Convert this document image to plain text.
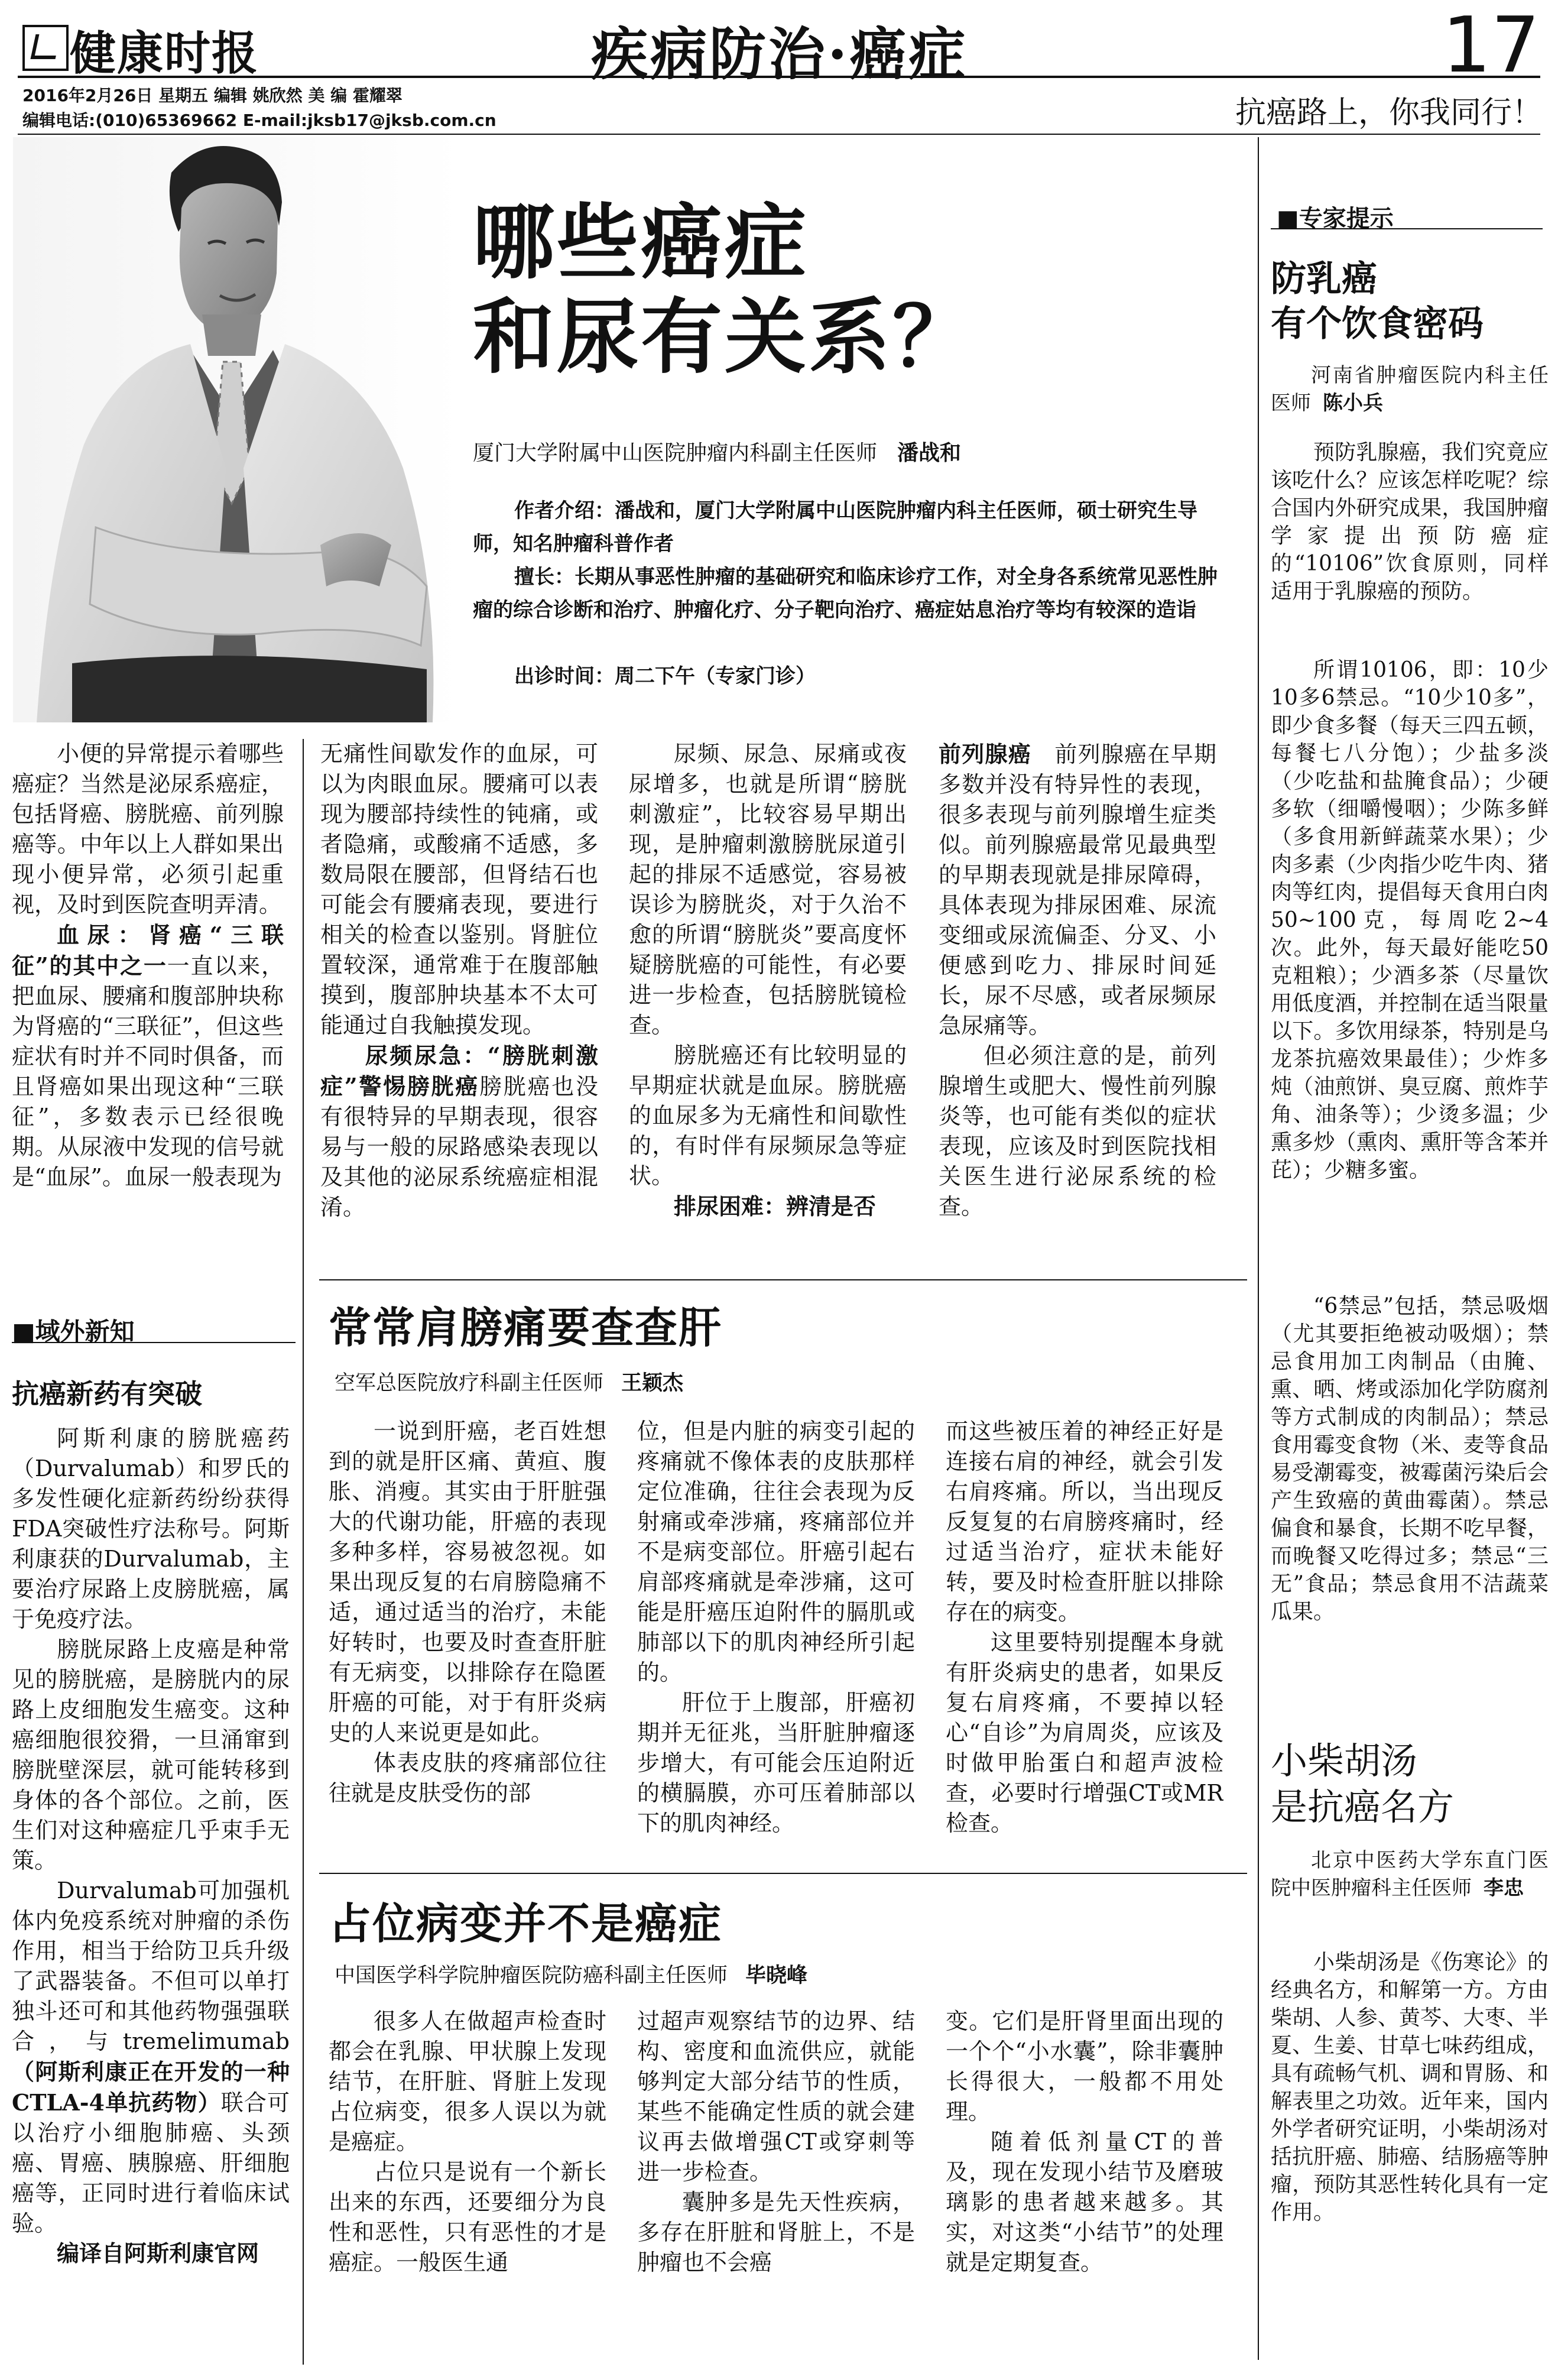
健康时报	疾病防治·癌症	17
2016年2月26日 星期五 编辑 姚欣然 美 编 霍耀翠
编辑电话:(010)65369662 E-mail:jksb17@jksb.com.cn	抗癌路上，你我同行！
哪些癌症
和尿有关系？
厦门大学附属中山医院肿瘤内科副主任医师 潘战和
作者介绍：潘战和，厦门大学附属中山医院肿瘤内科主任医师，硕士研究生导师，知名肿瘤科普作者
擅长：长期从事恶性肿瘤的基础研究和临床诊疗工作，对全身各系统常见恶性肿瘤的综合诊断和治疗、肿瘤化疗、分子靶向治疗、癌症姑息治疗等均有较深的造诣
出诊时间：周二下午（专家门诊）
■专家提示
防乳癌
有个饮食密码
河南省肿瘤医院内科主任医师 陈小兵
预防乳腺癌，我们究竟应该吃什么？应该怎样吃呢？综合国内外研究成果，我国肿瘤学家提出预防癌症的“10106”饮食原则，同样适用于乳腺癌的预防。
所谓10106，即：10少10多6禁忌。“10少10多”，即少食多餐（每天三四五顿，每餐七八分饱）；少盐多淡（少吃盐和盐腌食品）；少硬多软（细嚼慢咽）；少陈多鲜（多食用新鲜蔬菜水果）；少肉多素（少肉指少吃牛肉、猪肉等红肉，提倡每天食用白肉50~100克，每周吃2~4次。此外，每天最好能吃50克粗粮）；少酒多茶（尽量饮用低度酒，并控制在适当限量以下。多饮用绿茶，特别是乌龙茶抗癌效果最佳）；少炸多炖（油煎饼、臭豆腐、煎炸芋角、油条等）；少烫多温；少熏多炒（熏肉、熏肝等含苯并芘）；少糖多蜜。
“6禁忌”包括，禁忌吸烟（尤其要拒绝被动吸烟）；禁忌食用加工肉制品（由腌、熏、晒、烤或添加化学防腐剂等方式制成的肉制品）；禁忌食用霉变食物（米、麦等食品易受潮霉变，被霉菌污染后会产生致癌的黄曲霉菌）。禁忌偏食和暴食，长期不吃早餐，而晚餐又吃得过多；禁忌“三无”食品；禁忌食用不洁蔬菜瓜果。
小柴胡汤
是抗癌名方
北京中医药大学东直门医院中医肿瘤科主任医师 李忠
小柴胡汤是《伤寒论》的经典名方，和解第一方。方由柴胡、人参、黄芩、大枣、半夏、生姜、甘草七味药组成，具有疏畅气机、调和胃肠、和解表里之功效。近年来，国内外学者研究证明，小柴胡汤对括抗肝癌、肺癌、结肠癌等肿瘤，预防其恶性转化具有一定作用。

小便的异常提示着哪些癌症？当然是泌尿系癌症，包括肾癌、膀胱癌、前列腺癌等。中年以上人群如果出现小便异常，必须引起重视，及时到医院查明弄清。

血尿：肾癌“三联征”的其中之一一直以来，把血尿、腰痛和腹部肿块称为肾癌的“三联征”，但这些症状有时并不同时俱备，而且肾癌如果出现这种“三联征”，多数表示已经很晚期。从尿液中发现的信号就是“血尿”。血尿一般表现为

无痛性间歇发作的血尿，可以为肉眼血尿。腰痛可以表现为腰部持续性的钝痛，或者隐痛，或酸痛不适感，多数局限在腰部，但肾结石也可能会有腰痛表现，要进行相关的检查以鉴别。肾脏位置较深，通常难于在腹部触摸到，腹部肿块基本不太可能通过自我触摸发现。

尿频尿急：“膀胱刺激症”警惕膀胱癌膀胱癌也没有很特异的早期表现，很容易与一般的尿路感染表现以及其他的泌尿系统癌症相混淆。

尿频、尿急、尿痛或夜尿增多，也就是所谓“膀胱刺激症”，比较容易早期出现，是肿瘤刺激膀胱尿道引起的排尿不适感觉，容易被误诊为膀胱炎，对于久治不愈的所谓“膀胱炎”要高度怀疑膀胱癌的可能性，有必要进一步检查，包括膀胱镜检查。

膀胱癌还有比较明显的早期症状就是血尿。膀胱癌的血尿多为无痛性和间歇性的，有时伴有尿频尿急等症状。

排尿困难：辨清是否

前列腺癌　 前列腺癌在早期多数并没有特异性的表现，很多表现与前列腺增生症类似。前列腺癌最常见最典型的早期表现就是排尿障碍，具体表现为排尿困难、尿流变细或尿流偏歪、分叉、小便感到吃力、排尿时间延长，尿不尽感，或者尿频尿急尿痛等。

但必须注意的是，前列腺增生或肥大、慢性前列腺炎等，也可能有类似的症状表现，应该及时到医院找相关医生进行泌尿系统的检查。

■域外新知
抗癌新药有突破

阿斯利康的膀胱癌药（Durvalumab）和罗氏的多发性硬化症新药纷纷获得FDA突破性疗法称号。阿斯利康获的Durvalumab，主要治疗尿路上皮膀胱癌，属于免疫疗法。

膀胱尿路上皮癌是种常见的膀胱癌，是膀胱内的尿路上皮细胞发生癌变。这种癌细胞很狡猾，一旦涌窜到膀胱壁深层，就可能转移到身体的各个部位。之前，医生们对这种癌症几乎束手无策。

Durvalumab可加强机体内免疫系统对肿瘤的杀伤作用，相当于给防卫兵升级了武器装备。不但可以单打独斗还可和其他药物强强联合，与tremelimumab（阿斯利康正在开发的一种CTLA-4单抗药物）联合可以治疗小细胞肺癌、头颈癌、胃癌、胰腺癌、肝细胞癌等，正同时进行着临床试验。

编译自阿斯利康官网

常常肩膀痛要查查肝
空军总医院放疗科副主任医师 王颖杰

一说到肝癌，老百姓想到的就是肝区痛、黄疸、腹胀、消瘦。其实由于肝脏强大的代谢功能，肝癌的表现多种多样，容易被忽视。如果出现反复的右肩膀隐痛不适，通过适当的治疗，未能好转时，也要及时查查肝脏有无病变，以排除存在隐匿肝癌的可能，对于有肝炎病史的人来说更是如此。

体表皮肤的疼痛部位往往就是皮肤受伤的部

位，但是内脏的病变引起的疼痛就不像体表的皮肤那样定位准确，往往会表现为反射痛或牵涉痛，疼痛部位并不是病变部位。肝癌引起右肩部疼痛就是牵涉痛，这可能是肝癌压迫附件的膈肌或肺部以下的肌肉神经所引起的。

肝位于上腹部，肝癌初期并无征兆，当肝脏肿瘤逐步增大，有可能会压迫附近的横膈膜，亦可压着肺部以下的肌肉神经。

而这些被压着的神经正好是连接右肩的神经，就会引发右肩疼痛。所以，当出现反反复复的右肩膀疼痛时，经过适当治疗，症状未能好转，要及时检查肝脏以排除存在的病变。

这里要特别提醒本身就有肝炎病史的患者，如果反复右肩疼痛，不要掉以轻心“自诊”为肩周炎，应该及时做甲胎蛋白和超声波检查，必要时行增强CT或MR检查。

占位病变并不是癌症
中国医学科学院肿瘤医院防癌科副主任医师 毕晓峰

很多人在做超声检查时都会在乳腺、甲状腺上发现结节，在肝脏、肾脏上发现占位病变，很多人误以为就是癌症。

占位只是说有一个新长出来的东西，还要细分为良性和恶性，只有恶性的才是癌症。一般医生通

过超声观察结节的边界、结构、密度和血流供应，就能够判定大部分结节的性质，某些不能确定性质的就会建议再去做增强CT或穿刺等进一步检查。

囊肿多是先天性疾病，多存在肝脏和肾脏上，不是肿瘤也不会癌

变。它们是肝肾里面出现的一个个“小水囊”，除非囊肿长得很大，一般都不用处理。

随着低剂量CT的普及，现在发现小结节及磨玻璃影的患者越来越多。其实，对这类“小结节”的处理就是定期复查。
